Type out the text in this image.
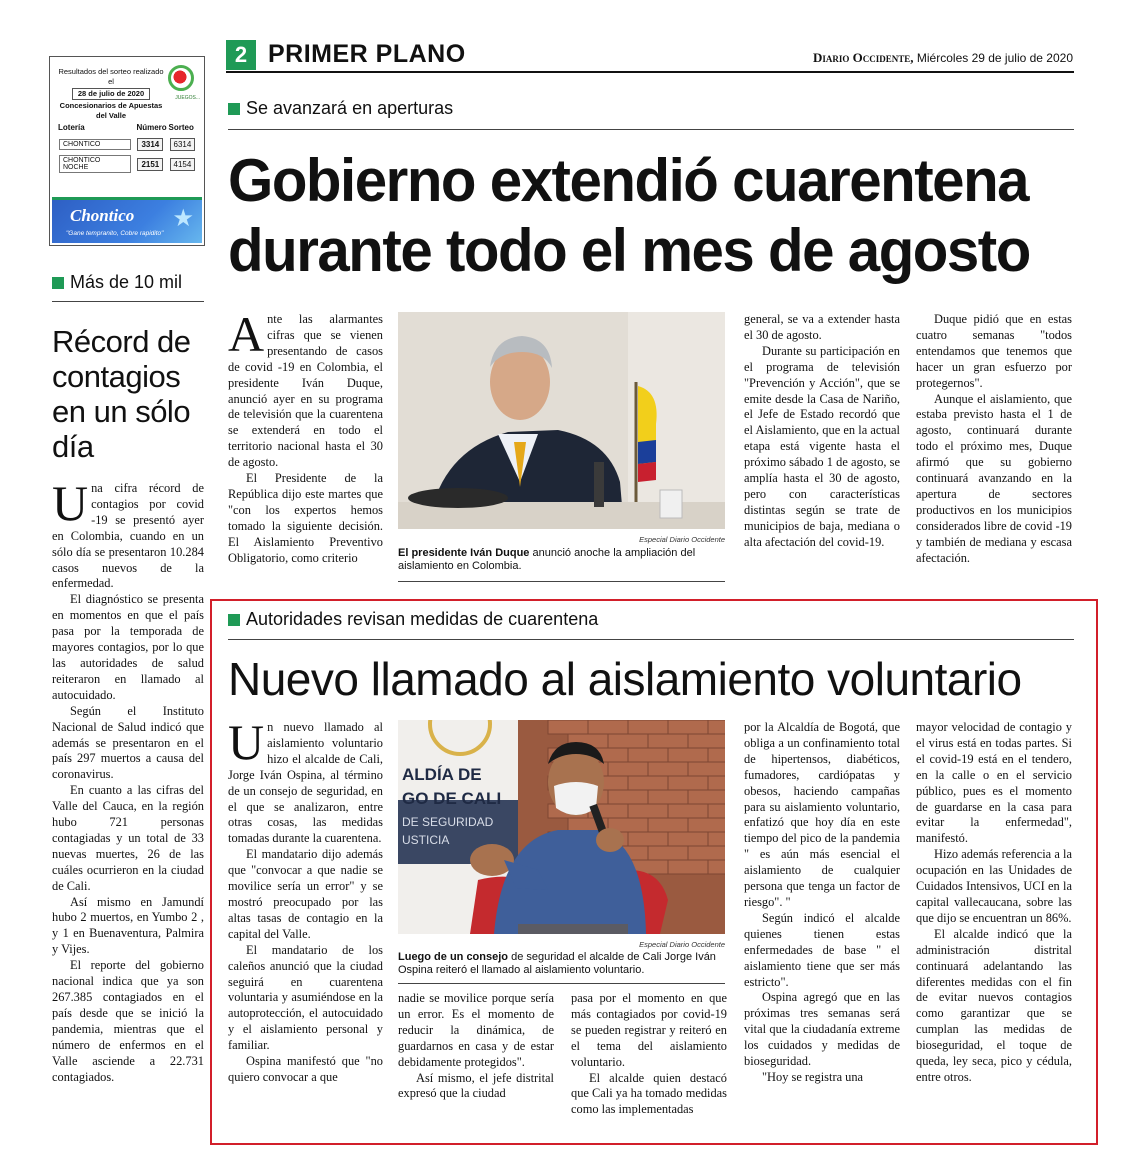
2 PRIMER PLANO	Diario Occidente, Miércoles 29 de julio de 2020
Resultados del sorteo realizado el
28 de julio de 2020
Concesionarios de Apuestas del Valle
JUEGOS...
Lotería	Número	Sorteo
CHONTICO	3314	6314
CHONTICO NOCHE	2151	4154
Chontico ★
"Gane tempranito, Cobre rapidito"
Más de 10 mil
Récord de contagios en un sólo día

Una cifra récord de contagios por covid -19 se presentó ayer en Colombia, cuando en un sólo día se presentaron 10.284 casos nuevos de la enfermedad.

El diagnóstico se presenta en momentos en que el país pasa por la temporada de mayores contagios, por lo que las autoridades de salud reiteraron en llamado al autocuidado.

Según el Instituto Nacional de Salud indicó que además se presentaron en el país 297 muertos a causa del coronavirus.

En cuanto a las cifras del Valle del Cauca, en la región hubo 721 personas contagiadas y un total de 33 nuevas muertes, 26 de las cuáles ocurrieron en la ciudad de Cali.

Así mismo en Jamundí hubo 2 muertos, en Yumbo 2 , y 1 en Buenaventura, Palmira y Vijes.

El reporte del gobierno nacional indica que ya son 267.385 contagiados en el país desde que se inició la pandemia, mientras que el número de enfermos en el Valle asciende a 22.731 contagiados.

Se avanzará en aperturas
Gobierno extendió cuarentena durante todo el mes de agosto

Ante las alarmantes cifras que se vienen presentando de casos de covid -19 en Colombia, el presidente Iván Duque, anunció ayer en su programa de televisión que la cuarentena se extenderá en todo el territorio nacional hasta el 30 de agosto.

El Presidente de la República dijo este martes que "con los expertos hemos tomado la siguiente decisión. El Aislamiento Preventivo Obligatorio, como criterio

Especial Diario Occidente
El presidente Iván Duque anunció anoche la ampliación del aislamiento en Colombia.

general, se va a extender hasta el 30 de agosto.

Durante su participación en el programa de televisión "Prevención y Acción", que se emite desde la Casa de Nariño, el Jefe de Estado recordó que el Aislamiento, que en la actual etapa está vigente hasta el próximo sábado 1 de agosto, se amplía hasta el 30 de agosto, pero con características distintas según se trate de municipios de baja, mediana o alta afectación del covid-19.

Duque pidió que en estas cuatro semanas "todos entendamos que tenemos que hacer un gran esfuerzo por protegernos".

Aunque el aislamiento, que estaba previsto hasta el 1 de agosto, continuará durante todo el próximo mes, Duque afirmó que su gobierno continuará avanzando en la apertura de sectores productivos en los municipios considerados libre de covid -19 y también de mediana y escasa afectación.

Autoridades revisan medidas de cuarentena
Nuevo llamado al aislamiento voluntario

Un nuevo llamado al aislamiento voluntario hizo el alcalde de Cali, Jorge Iván Ospina, al término de un consejo de seguridad, en el que se analizaron, entre otras cosas, las medidas tomadas durante la cuarentena.

El mandatario dijo además que "convocar a que nadie se movilice sería un error" y se mostró preocupado por las altas tasas de contagio en la capital del Valle.

El mandatario de los caleños anunció que la ciudad seguirá en cuarentena voluntaria y asumiéndose en la autoprotección, el autocuidado y el aislamiento personal y familiar.

Ospina manifestó que "no quiero convocar a que

ALDÍA DE
GO DE CALI
DE SEGURIDAD
USTICIA
Especial Diario Occidente
Luego de un consejo de seguridad el alcalde de Cali Jorge Iván Ospina reiteró el llamado al aislamiento voluntario.

nadie se movilice porque sería un error. Es el momento de reducir la dinámica, de guardarnos en casa y de estar debidamente protegidos".

Así mismo, el jefe distrital expresó que la ciudad

pasa por el momento en que más contagiados por covid-19 se pueden registrar y reiteró en el tema del aislamiento voluntario.

El alcalde quien destacó que Cali ya ha tomado medidas como las implementadas

por la Alcaldía de Bogotá, que obliga a un confinamiento total de hipertensos, diabéticos, fumadores, cardiópatas y obesos, haciendo campañas para su aislamiento voluntario, enfatizó que hoy día en este tiempo del pico de la pandemia " es aún más esencial el aislamiento de cualquier persona que tenga un factor de riesgo". "

Según indicó el alcalde quienes tienen estas enfermedades de base " el aislamiento tiene que ser más estricto".

Ospina agregó que en las próximas tres semanas será vital que la ciudadanía extreme los cuidados y medidas de bioseguridad.

"Hoy se registra una

mayor velocidad de contagio y el virus está en todas partes. Si el covid-19 está en el tendero, en la calle o en el servicio público, pues es el momento de guardarse en la casa para evitar la enfermedad", manifestó.

Hizo además referencia a la ocupación en las Unidades de Cuidados Intensivos, UCI en la capital vallecaucana, sobre las que dijo se encuentran un 86%.

El alcalde indicó que la administración distrital continuará adelantando las diferentes medidas con el fin de evitar nuevos contagios como garantizar que se cumplan las medidas de bioseguridad, el toque de queda, ley seca, pico y cédula, entre otros.
